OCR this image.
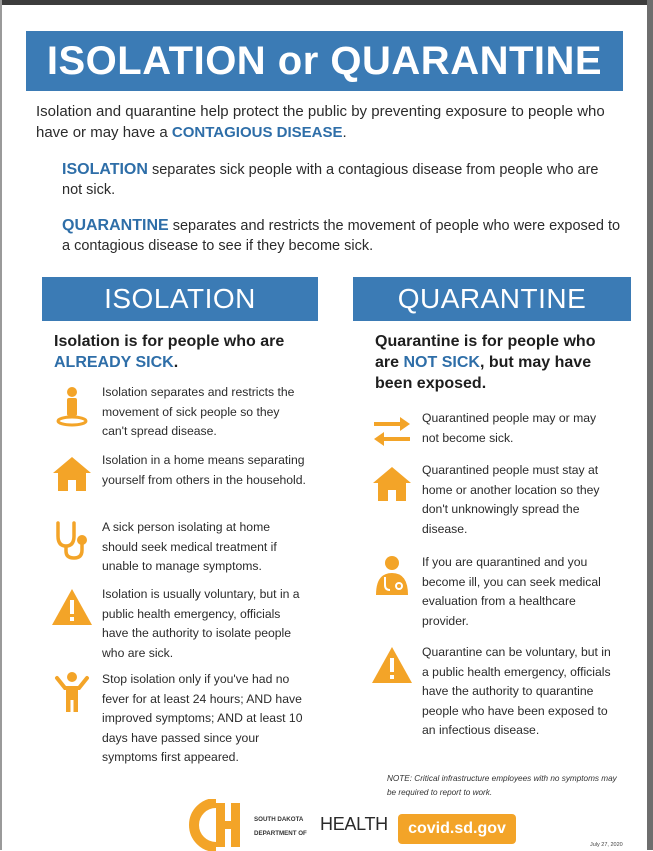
ISOLATION or QUARANTINE
Isolation and quarantine help protect the public by preventing exposure to people who have or may have a CONTAGIOUS DISEASE.
ISOLATION separates sick people with a contagious disease from people who are not sick.
QUARANTINE separates and restricts the movement of people who were exposed to a contagious disease to see if they become sick.
ISOLATION	QUARANTINE
Isolation is for people who are ALREADY SICK.
Quarantine is for people who are NOT SICK, but may have been exposed.
Isolation separates and restricts the movement of sick people so they can't spread disease.
Isolation in a home means separating yourself from others in the household.
A sick person isolating at home should seek medical treatment if unable to manage symptoms.
Isolation is usually voluntary, but in a public health emergency, officials have the authority to isolate people who are sick.
Stop isolation only if you've had no fever for at least 24 hours; AND have improved symptoms; AND at least 10 days have passed since your symptoms first appeared.
Quarantined people may or may not become sick.
Quarantined people must stay at home or another location so they don't unknowingly spread the disease.
If you are quarantined and you become ill, you can seek medical evaluation from a healthcare provider.
Quarantine can be voluntary, but in a public health emergency, officials have the authority to quarantine people who have been exposed to an infectious disease.
NOTE: Critical infrastructure employees with no symptoms may be required to report to work.
SOUTH DAKOTA
DEPARTMENT OF HEALTH	covid.sd.gov
July 27, 2020
